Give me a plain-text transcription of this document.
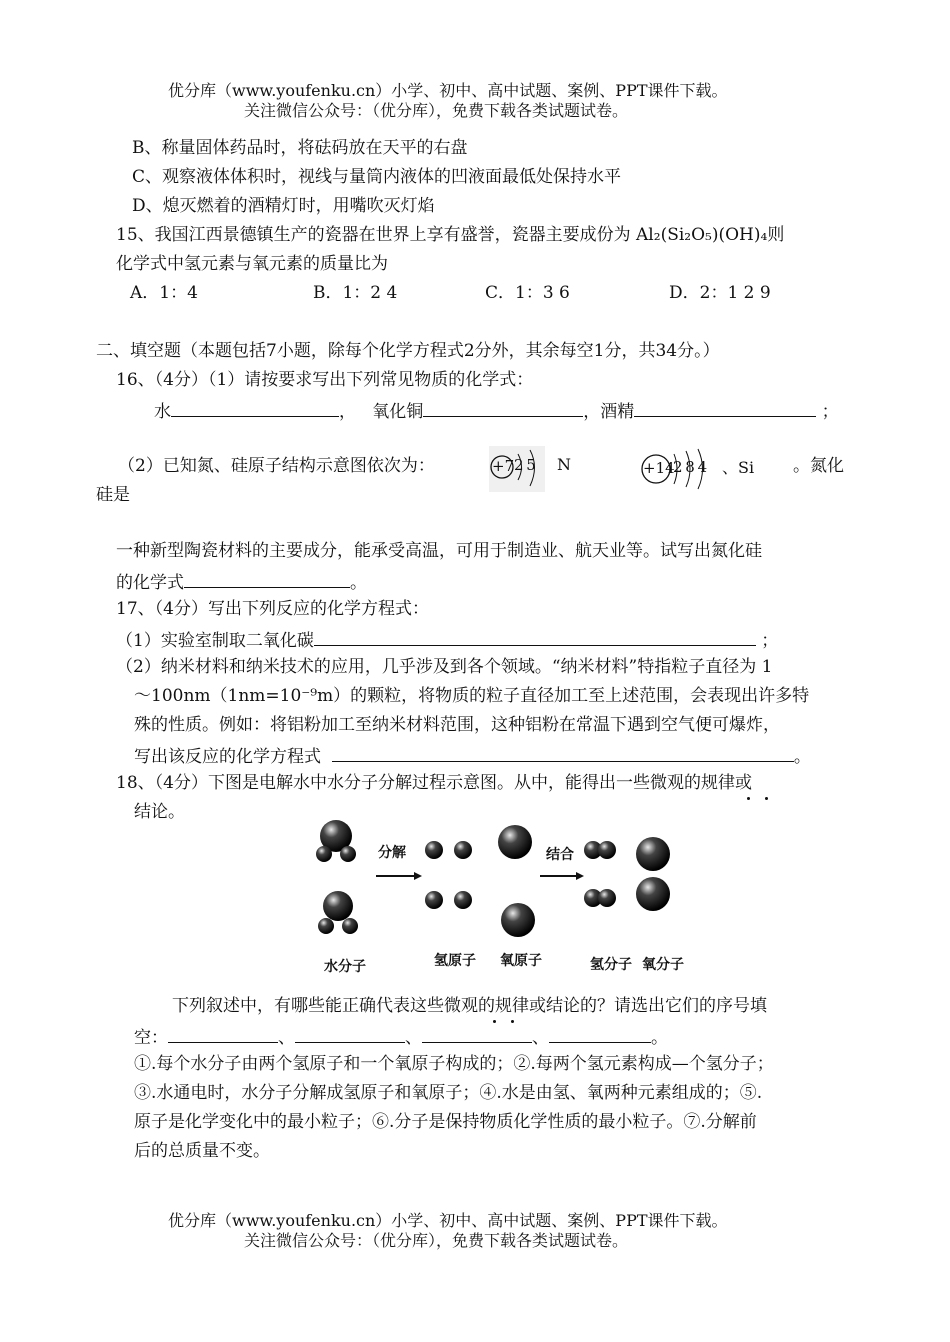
优分库（www.youfenku.cn）小学、初中、高中试题、案例、PPT课件下载。
关注微信公众号：（优分库），免费下载各类试题试卷。
B、称量固体药品时，将砝码放在天平的右盘
C、观察液体体积时，视线与量筒内液体的凹液面最低处保持水平
D、熄灭燃着的酒精灯时，用嘴吹灭灯焰
15、我国江西景德镇生产的瓷器在世界上享有盛誉，瓷器主要成份为 Al₂(Si₂O₅)(OH)₄则
化学式中氢元素与氧元素的质量比为
A．1：4	B．1：2 4	C．1：3 6	D．2：1 2 9
二、填空题（本题包括7小题，除每个化学方程式2分外，其余每空1分，共34分。）
16、（4分）（1）请按要求写出下列常见物质的化学式：
水	， 氧化铜	，酒精	；
（2）已知氮、硅原子结构示意图依次为：	+7 2 5 N	+14
2 8 4 、Si 。氮化
硅是
一种新型陶瓷材料的主要成分，能承受高温，可用于制造业、航天业等。试写出氮化硅
的化学式	。
17、（4分）写出下列反应的化学方程式：
（1）实验室制取二氧化碳	；
（2）纳米材料和纳米技术的应用，几乎涉及到各个领域。“纳米材料”特指粒子直径为 1
～100nm（1nm=10⁻⁹m）的颗粒，将物质的粒子直径加工至上述范围，会表现出许多特
殊的性质。例如：将铝粉加工至纳米材料范围，这种铝粉在常温下遇到空气便可爆炸，
写出该反应的化学方程式	。
18、（4分）下图是电解水中水分子分解过程示意图。从中，能得出一些微观的规律或
结论。
分解	结合
水分子	氢原子 氧原子	氢分子 氧分子
下列叙述中，有哪些能正确代表这些微观的规律或结论的？请选出它们的序号填
空：	、	、	、	。
①.每个水分子由两个氢原子和一个氧原子构成的；②.每两个氢元素构成—个氢分子；
③.水通电时，水分子分解成氢原子和氧原子；④.水是由氢、氧两种元素组成的；⑤.
原子是化学变化中的最小粒子；⑥.分子是保持物质化学性质的最小粒子。⑦.分解前
后的总质量不变。
优分库（www.youfenku.cn）小学、初中、高中试题、案例、PPT课件下载。
关注微信公众号：（优分库），免费下载各类试题试卷。
